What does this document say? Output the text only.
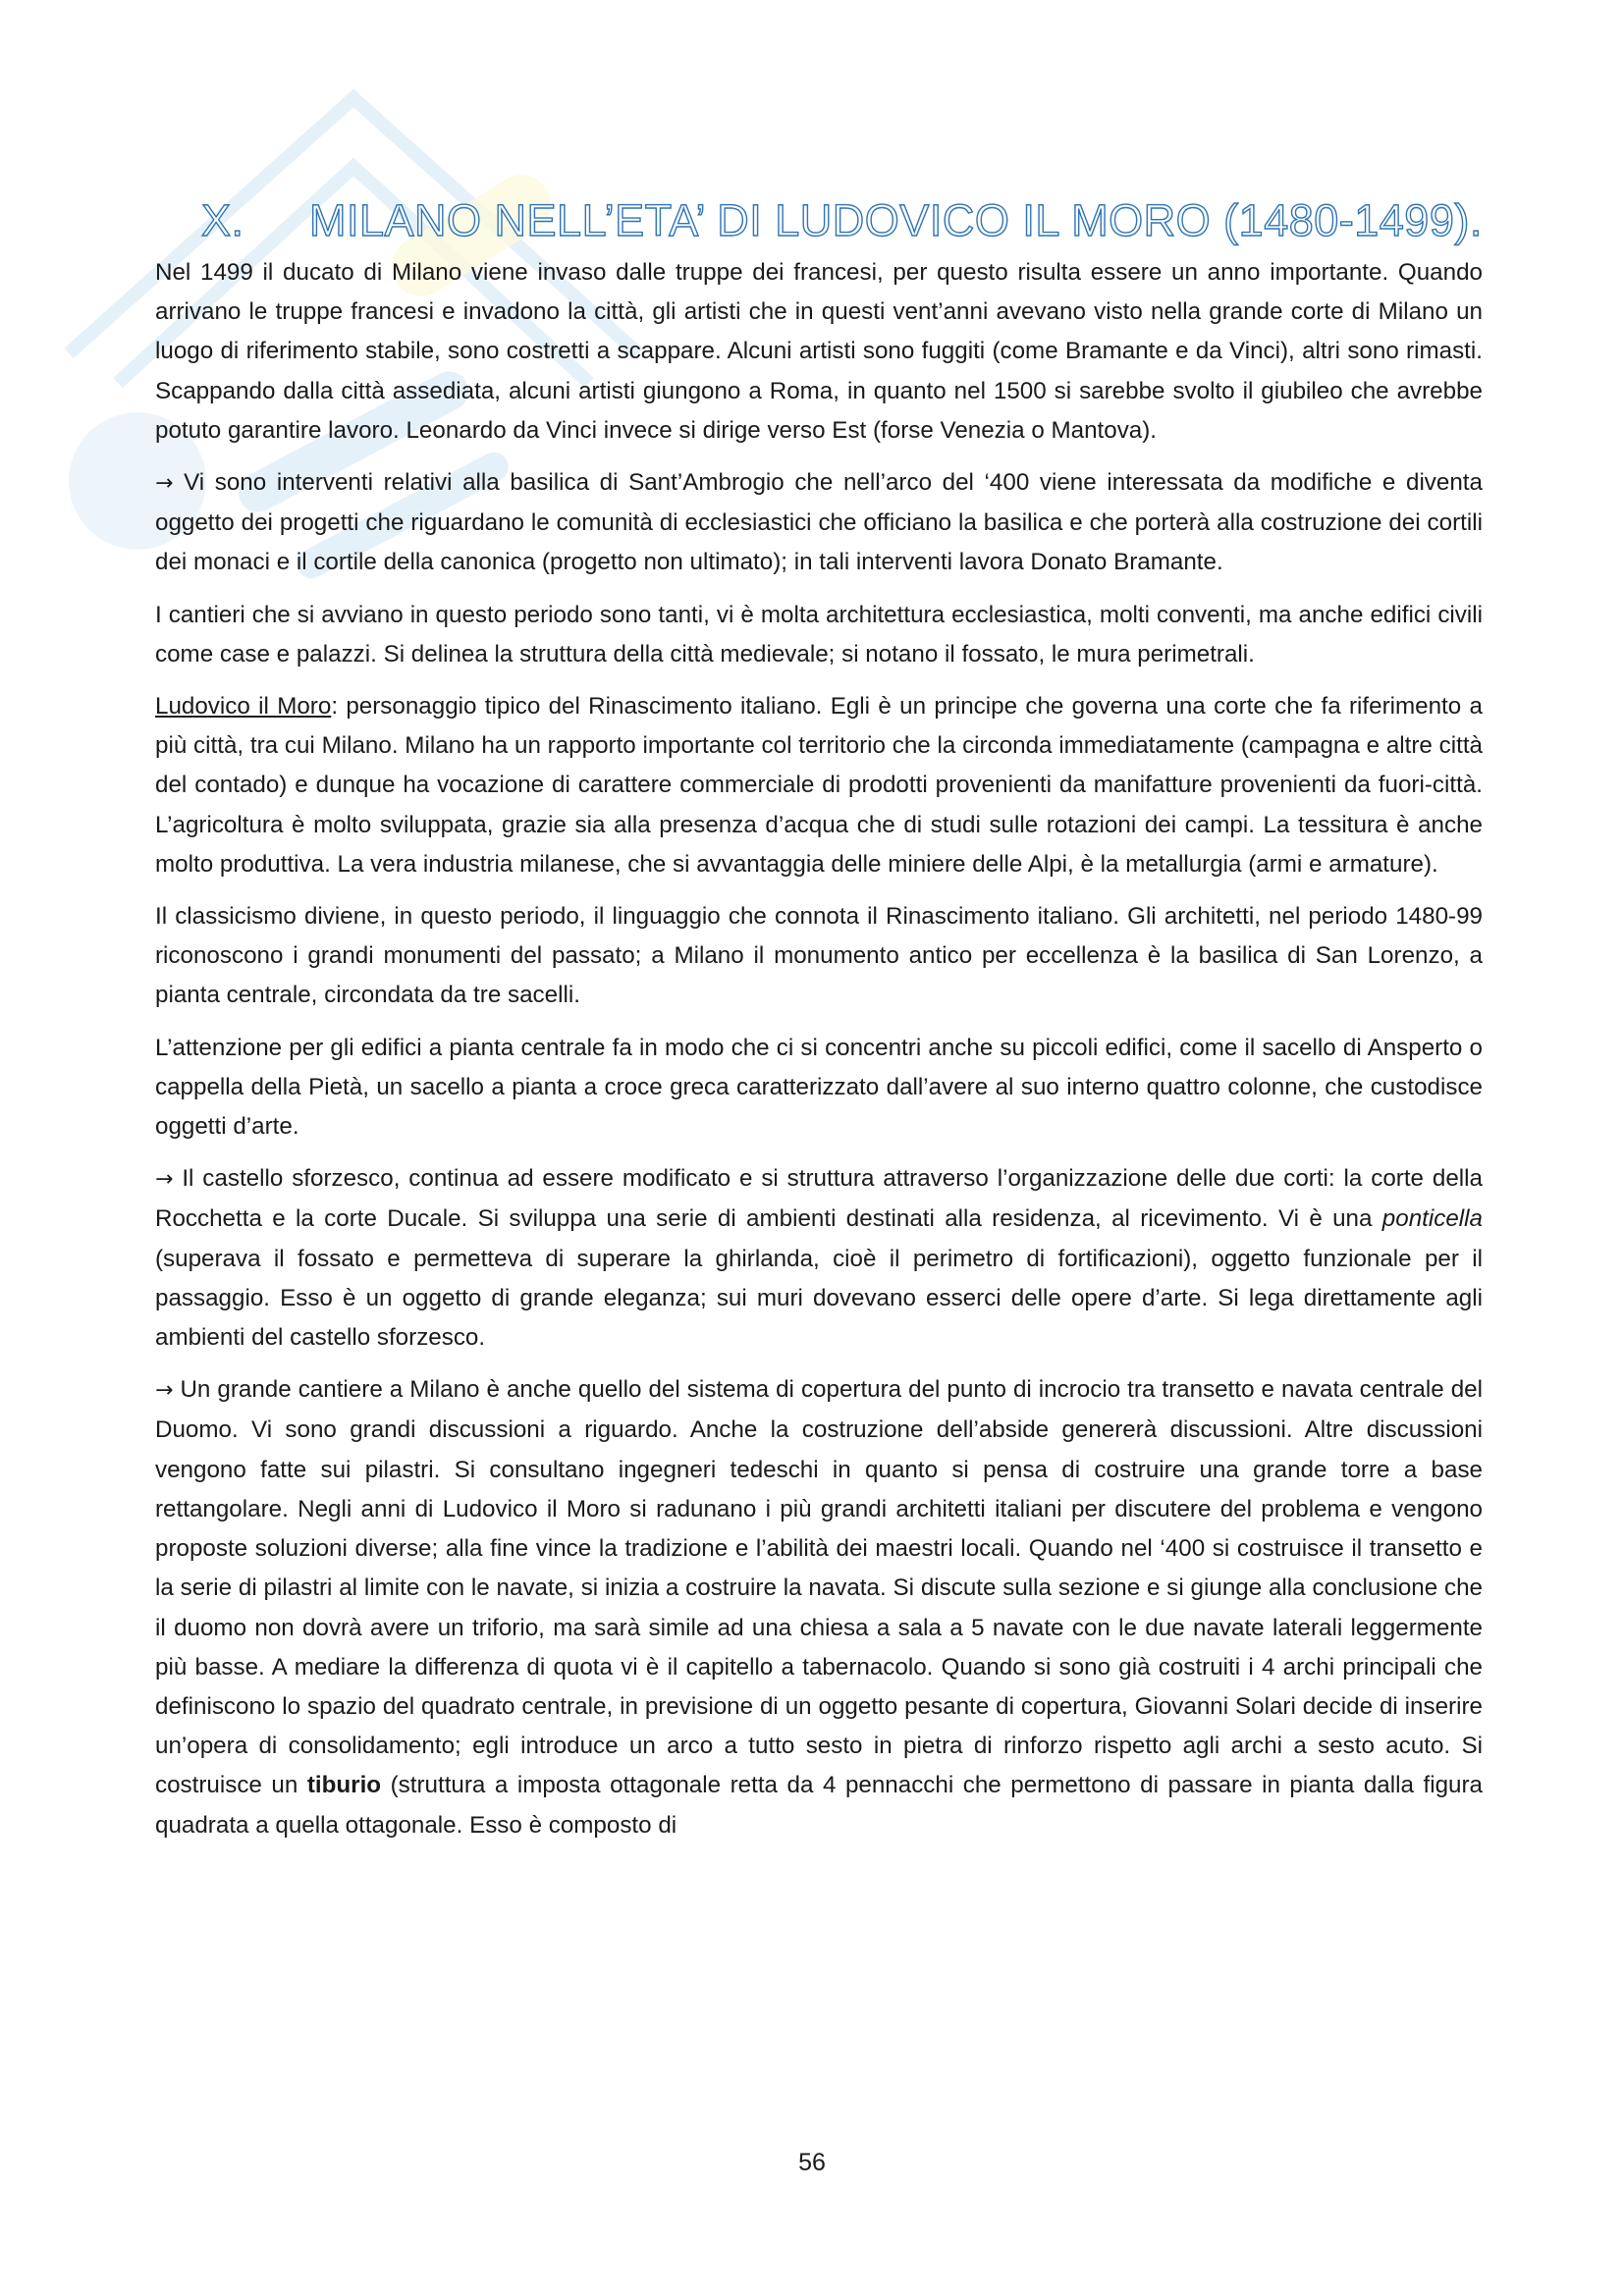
X.	MILANO NELL’ETA’ DI LUDOVICO IL MORO (1480-1499).

Nel 1499 il ducato di Milano viene invaso dalle truppe dei francesi, per questo risulta essere un anno importante. Quando arrivano le truppe francesi e invadono la città, gli artisti che in questi vent’anni avevano visto nella grande corte di Milano un luogo di riferimento stabile, sono costretti a scappare. Alcuni artisti sono fuggiti (come Bramante e da Vinci), altri sono rimasti. Scappando dalla città assediata, alcuni artisti giungono a Roma, in quanto nel 1500 si sarebbe svolto il giubileo che avrebbe potuto garantire lavoro. Leonardo da Vinci invece si dirige verso Est (forse Venezia o Mantova).

→ Vi sono interventi relativi alla basilica di Sant’Ambrogio che nell’arco del ‘400 viene interessata da modifiche e diventa oggetto dei progetti che riguardano le comunità di ecclesiastici che officiano la basilica e che porterà alla costruzione dei cortili dei monaci e il cortile della canonica (progetto non ultimato); in tali interventi lavora Donato Bramante.

I cantieri che si avviano in questo periodo sono tanti, vi è molta architettura ecclesiastica, molti conventi, ma anche edifici civili come case e palazzi. Si delinea la struttura della città medievale; si notano il fossato, le mura perimetrali.

Ludovico il Moro: personaggio tipico del Rinascimento italiano. Egli è un principe che governa una corte che fa riferimento a più città, tra cui Milano. Milano ha un rapporto importante col territorio che la circonda immediatamente (campagna e altre città del contado) e dunque ha vocazione di carattere commerciale di prodotti provenienti da manifatture provenienti da fuori-città. L’agricoltura è molto sviluppata, grazie sia alla presenza d’acqua che di studi sulle rotazioni dei campi. La tessitura è anche molto produttiva. La vera industria milanese, che si avvantaggia delle miniere delle Alpi, è la metallurgia (armi e armature).

Il classicismo diviene, in questo periodo, il linguaggio che connota il Rinascimento italiano. Gli architetti, nel periodo 1480-99 riconoscono i grandi monumenti del passato; a Milano il monumento antico per eccellenza è la basilica di San Lorenzo, a pianta centrale, circondata da tre sacelli.

L’attenzione per gli edifici a pianta centrale fa in modo che ci si concentri anche su piccoli edifici, come il sacello di Ansperto o cappella della Pietà, un sacello a pianta a croce greca caratterizzato dall’avere al suo interno quattro colonne, che custodisce oggetti d’arte.

→ Il castello sforzesco, continua ad essere modificato e si struttura attraverso l’organizzazione delle due corti: la corte della Rocchetta e la corte Ducale. Si sviluppa una serie di ambienti destinati alla residenza, al ricevimento. Vi è una ponticella (superava il fossato e permetteva di superare la ghirlanda, cioè il perimetro di fortificazioni), oggetto funzionale per il passaggio. Esso è un oggetto di grande eleganza; sui muri dovevano esserci delle opere d’arte. Si lega direttamente agli ambienti del castello sforzesco.

→ Un grande cantiere a Milano è anche quello del sistema di copertura del punto di incrocio tra transetto e navata centrale del Duomo. Vi sono grandi discussioni a riguardo. Anche la costruzione dell’abside genererà discussioni. Altre discussioni vengono fatte sui pilastri. Si consultano ingegneri tedeschi in quanto si pensa di costruire una grande torre a base rettangolare. Negli anni di Ludovico il Moro si radunano i più grandi architetti italiani per discutere del problema e vengono proposte soluzioni diverse; alla fine vince la tradizione e l’abilità dei maestri locali. Quando nel ‘400 si costruisce il transetto e la serie di pilastri al limite con le navate, si inizia a costruire la navata. Si discute sulla sezione e si giunge alla conclusione che il duomo non dovrà avere un triforio, ma sarà simile ad una chiesa a sala a 5 navate con le due navate laterali leggermente più basse. A mediare la differenza di quota vi è il capitello a tabernacolo. Quando si sono già costruiti i 4 archi principali che definiscono lo spazio del quadrato centrale, in previsione di un oggetto pesante di copertura, Giovanni Solari decide di inserire un’opera di consolidamento; egli introduce un arco a tutto sesto in pietra di rinforzo rispetto agli archi a sesto acuto. Si costruisce un tiburio (struttura a imposta ottagonale retta da 4 pennacchi che permettono di passare in pianta dalla figura quadrata a quella ottagonale. Esso è composto di

56
